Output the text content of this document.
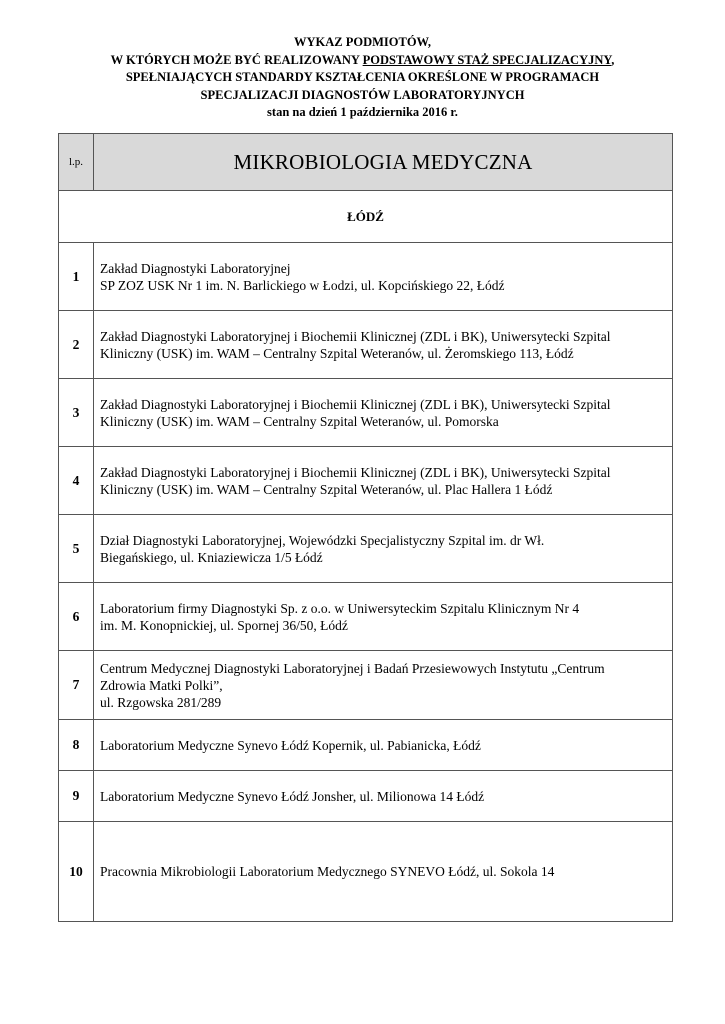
WYKAZ PODMIOTÓW,
W KTÓRYCH MOŻE BYĆ REALIZOWANY PODSTAWOWY STAŻ SPECJALIZACYJNY,
SPEŁNIAJĄCYCH STANDARDY KSZTAŁCENIA OKREŚLONE W PROGRAMACH
SPECJALIZACJI DIAGNOSTÓW LABORATORYJNYCH
stan na dzień 1 października 2016 r.
l.p.	MIKROBIOLOGIA MEDYCZNA
ŁÓDŹ	
1	Zakład Diagnostyki Laboratoryjnej
SP ZOZ USK Nr 1 im. N. Barlickiego w Łodzi, ul. Kopcińskiego 22, Łódź

2	Zakład Diagnostyki Laboratoryjnej i Biochemii Klinicznej (ZDL i BK), Uniwersytecki Szpital
Kliniczny (USK) im. WAM – Centralny Szpital Weteranów, ul. Żeromskiego 113, Łódź

3	Zakład Diagnostyki Laboratoryjnej i Biochemii Klinicznej (ZDL i BK), Uniwersytecki Szpital
Kliniczny (USK) im. WAM – Centralny Szpital Weteranów, ul. Pomorska

4	Zakład Diagnostyki Laboratoryjnej i Biochemii Klinicznej (ZDL i BK), Uniwersytecki Szpital
Kliniczny (USK) im. WAM – Centralny Szpital Weteranów, ul. Plac Hallera 1 Łódź

5	Dział Diagnostyki Laboratoryjnej, Wojewódzki Specjalistyczny Szpital im. dr Wł.
Biegańskiego, ul. Kniaziewicza 1/5 Łódź

6	Laboratorium firmy Diagnostyki Sp. z o.o. w Uniwersyteckim Szpitalu Klinicznym Nr 4
im. M. Konopnickiej, ul. Spornej 36/50, Łódź

7	Centrum Medycznej Diagnostyki Laboratoryjnej i Badań Przesiewowych Instytutu „Centrum
Zdrowia Matki Polki”,
ul. Rzgowska 281/289

8	Laboratorium Medyczne Synevo Łódź Kopernik, ul. Pabianicka, Łódź

9	Laboratorium Medyczne Synevo Łódź Jonsher, ul. Milionowa 14 Łódź

10	Pracownia Mikrobiologii Laboratorium Medycznego SYNEVO Łódź, ul. Sokola 14
